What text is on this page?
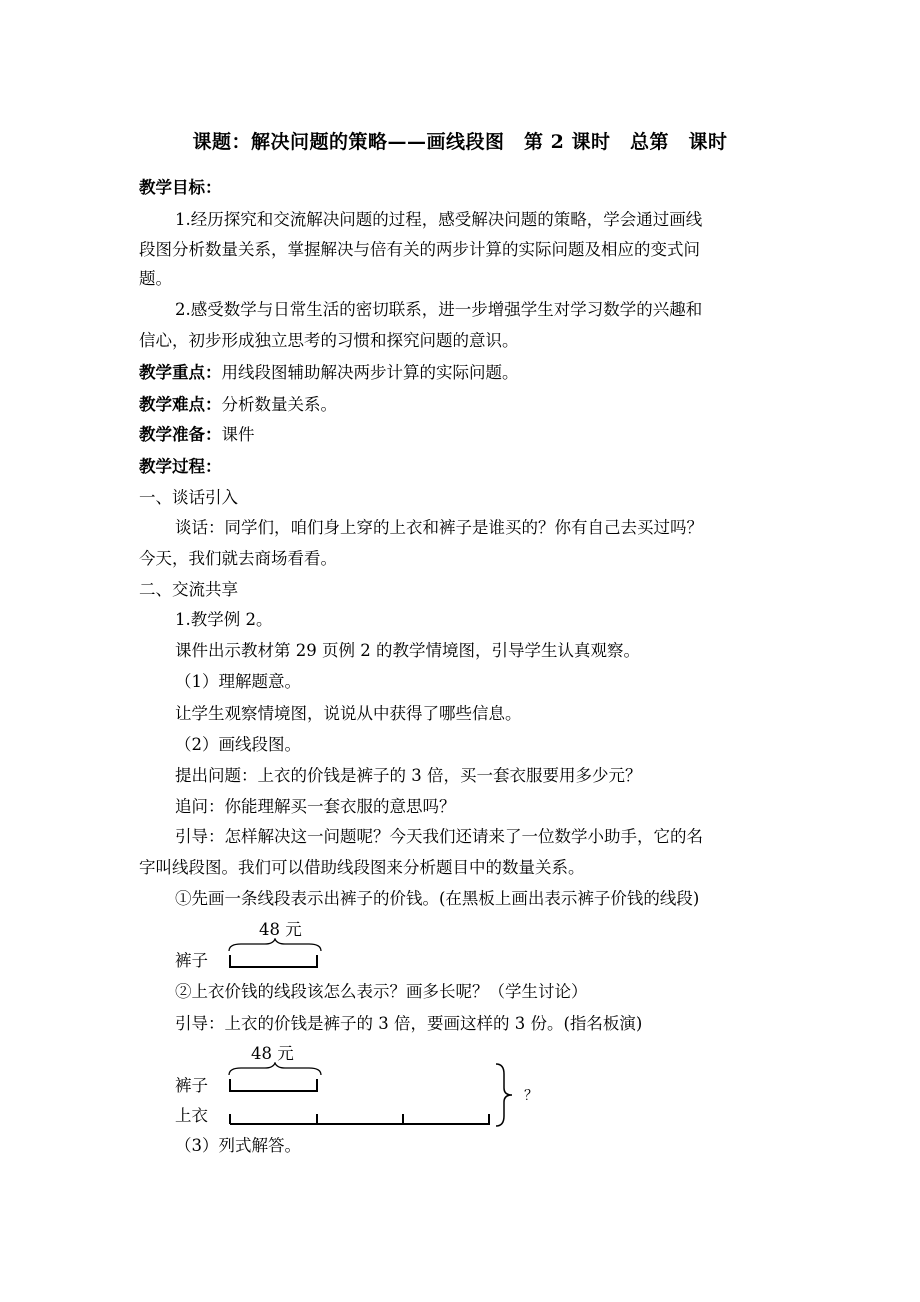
课题：解决问题的策略——画线段图　第 2 课时　总第　课时
教学目标：
1.经历探究和交流解决问题的过程，感受解决问题的策略，学会通过画线
段图分析数量关系，掌握解决与倍有关的两步计算的实际问题及相应的变式问
题。
2.感受数学与日常生活的密切联系，进一步增强学生对学习数学的兴趣和
信心，初步形成独立思考的习惯和探究问题的意识。
教学重点：用线段图辅助解决两步计算的实际问题。
教学难点：分析数量关系。
教学准备：课件
教学过程：
一、谈话引入
谈话：同学们，咱们身上穿的上衣和裤子是谁买的？你有自己去买过吗？
今天，我们就去商场看看。
二、交流共享
1.教学例 2。
课件出示教材第 29 页例 2 的教学情境图，引导学生认真观察。
（1）理解题意。
让学生观察情境图，说说从中获得了哪些信息。
（2）画线段图。
提出问题：上衣的价钱是裤子的 3 倍，买一套衣服要用多少元？
追问：你能理解买一套衣服的意思吗？
引导：怎样解决这一问题呢？今天我们还请来了一位数学小助手，它的名
字叫线段图。我们可以借助线段图来分析题目中的数量关系。
①先画一条线段表示出裤子的价钱。(在黑板上画出表示裤子价钱的线段)
48 元
裤子
②上衣价钱的线段该怎么表示？画多长呢？（学生讨论）
引导：上衣的价钱是裤子的 3 倍，要画这样的 3 份。(指名板演)
48 元
裤子
上衣
？
（3）列式解答。
